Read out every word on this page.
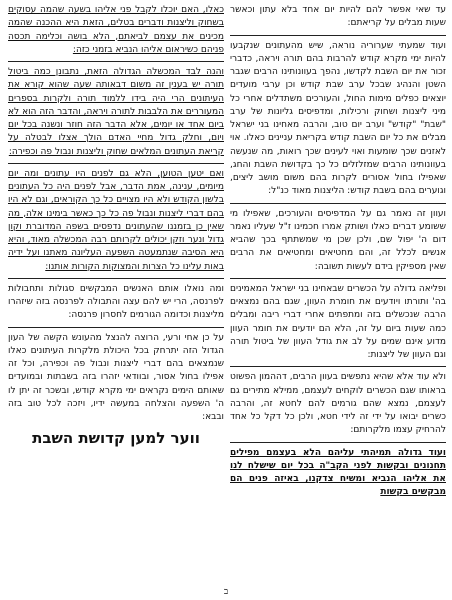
עד שאי אפשר להם להיות יום אחד בלא עתון וכאשר שעות מבלים על קריאתם:

ועוד שמעתי שערוריה נוראה, שיש מהעתונים שנקבעו להיות ימי מקרא קודש להרבות בהם תורה ויראה, כדברי זכור את יום השבת לקדשו, נהפך בעוונותינו הרבים שגבר השטן והנהיג שבכל ערב שבת קודש וכן ערבי מועדים יוצאים כפלים מימות החול, והעורכים משתדלים אחרי כל מיני ליצנות ושחוק ורכילות, ומדפיסים גליונות של ערב "שבת" "קודש" וערב יום טוב, והרבה מאחינו בני ישראל מבלים את כל יום השבת קודש בקריאת עניינים כאלו. אוי לאזנים שכך שומעות ואוי לעינים שכך רואות, מה שנעשה בעוונותינו הרבים שמזלזלים כל כך בקדושת השבת והחג, שאפילו בחול אסורים לקרות בהם משום מושב ליצים, וגוערים בהם בשבת קודש: הליצנות מאוד כנ"ל:

ועוון זה נאמר גם על המדפיסים והעורכים, שאפילו מי ששומע דברים כאלו ושותק אמרו חכמינו ז"ל שעליו נאמר דום ה' יפול שם, ולכן שכן מי שמשתתף בכך שהביא אנשים לכלל זה, והם מחטיאים ומחטיאים את הרבים שאין מספיקין בידם לעשות תשובה:

ופליאה גדולה על הכשרים שבאחינו בני ישראל המאמינים בה' ותורתו ויודעים את חומרת העוון, שגם בהם נמצאים הרבה שנכשלים בזה ומתפתים אחרי דברי ריבה ומבלים כמה שעות ביום על זה, הלא הם יודעים את חומר העוון מדוע אינם שמים על לב את גודל העוון של ביטול תורה וגם העוון של ליצנות:

ולא עוד אלא שהיא נתפשים בעוון הרבים, דההמון הפשוט בראותו שגם הכשרים לוקחים לעצמם, ממילא מתירים גם לעצמם, נמצא שהם גורמים להם לחטא זה, והרבה כשרים יבואו על ידי זה לידי חטא, ולכן כל דקל כל אחד להרחיק עצמו מלקרותם:

ועוד גדולה תמיהתי עליהם הלא בעצמם מפילים תחנונים ובקשות לפני הקב"ה בכל יום שישלח לנו את אליהו הנביא ומשיח צדקנו, באיזה פנים הם מבקשים בקשות

כאלו, האם יוכלו לקבל פני אליהו בשעה שהמה עסוקים בשחוק וליצנות ודברים בטלים, הזאת היא ההכנה שהמה מכינים את עצמם לביאתם, הלא בושה וכלימה תכסה פניהם כשיראום אליהו הנביא בזמני כזה:

והנה לבד המכשלה הגדולה הזאת, נתבונן כמה ביטול תורה יש בענין זה משום דבאותה שעה שהוא קורא את העיתונים הרי היה בידו ללמוד תורה ולקרות בספרים המעוררים את הלבבות לתורה ויראה, והדבר הזה הוא לא ביום אחד או יומים, אלא הדבר הזה חוזר ונשנה בכל יום ויום, וחלק גדול מחיי האדם הולך אצלו לבטלה על קריאת העתונים המלאים שחוק וליצנות ונבול פה וכפירה:

ואם יטען הטוען, הלא גם לפנים היו עתונים ומה יום מיומים, ענינה, אמת הדבר, אבל לפנים היה כל העתונים בלשון הקודש ולא היו מצויים כל כך הקוראים, וגם לא היו בהם דברי ליצנות ונבול פה כל כך כאשר בימינו אלה, מה שאין כן בזמננו שהעתונים נדפסים בשפה המדוברת וקון גדול ונער וזקן יכולים לקרותם רבה המכשלה מאוד, והיא היא הסיבה שנתמעטה השפעה העליונה מאתנו ועל ידיה באות עלינו כל הצרות והמצוקות הקורות אותנו:

ומה נואלו אותם האנשים המבקשים סגולות ותחבולות לפרנסה, הרי יש להם עצה והתבולה לפרנסה בזה שיזהרו מליצנות וכדומה הגורמים לחסרון פרנסה:

על כן אחי ורעי, הרוצה להנצל מהעונש הקשה של העון הגדול הזה יתרחק בכל היכולת מלקרות העיתונים כאלו שנמצאים בהם דברי ליצנות ונבול פה וכפירה, וכל זה אפילו בחול אסור, ובוודאי יזהרו בזה בשבתות ובמועדים שאותם הימים נקראים ימי מקרא קודש, ובשכר זה יתן לו ה' השפעה והצלחה במעשה ידיו, ויזכה לכל טוב בזה ובבא:

ווער למען קדושת השבת
ב
